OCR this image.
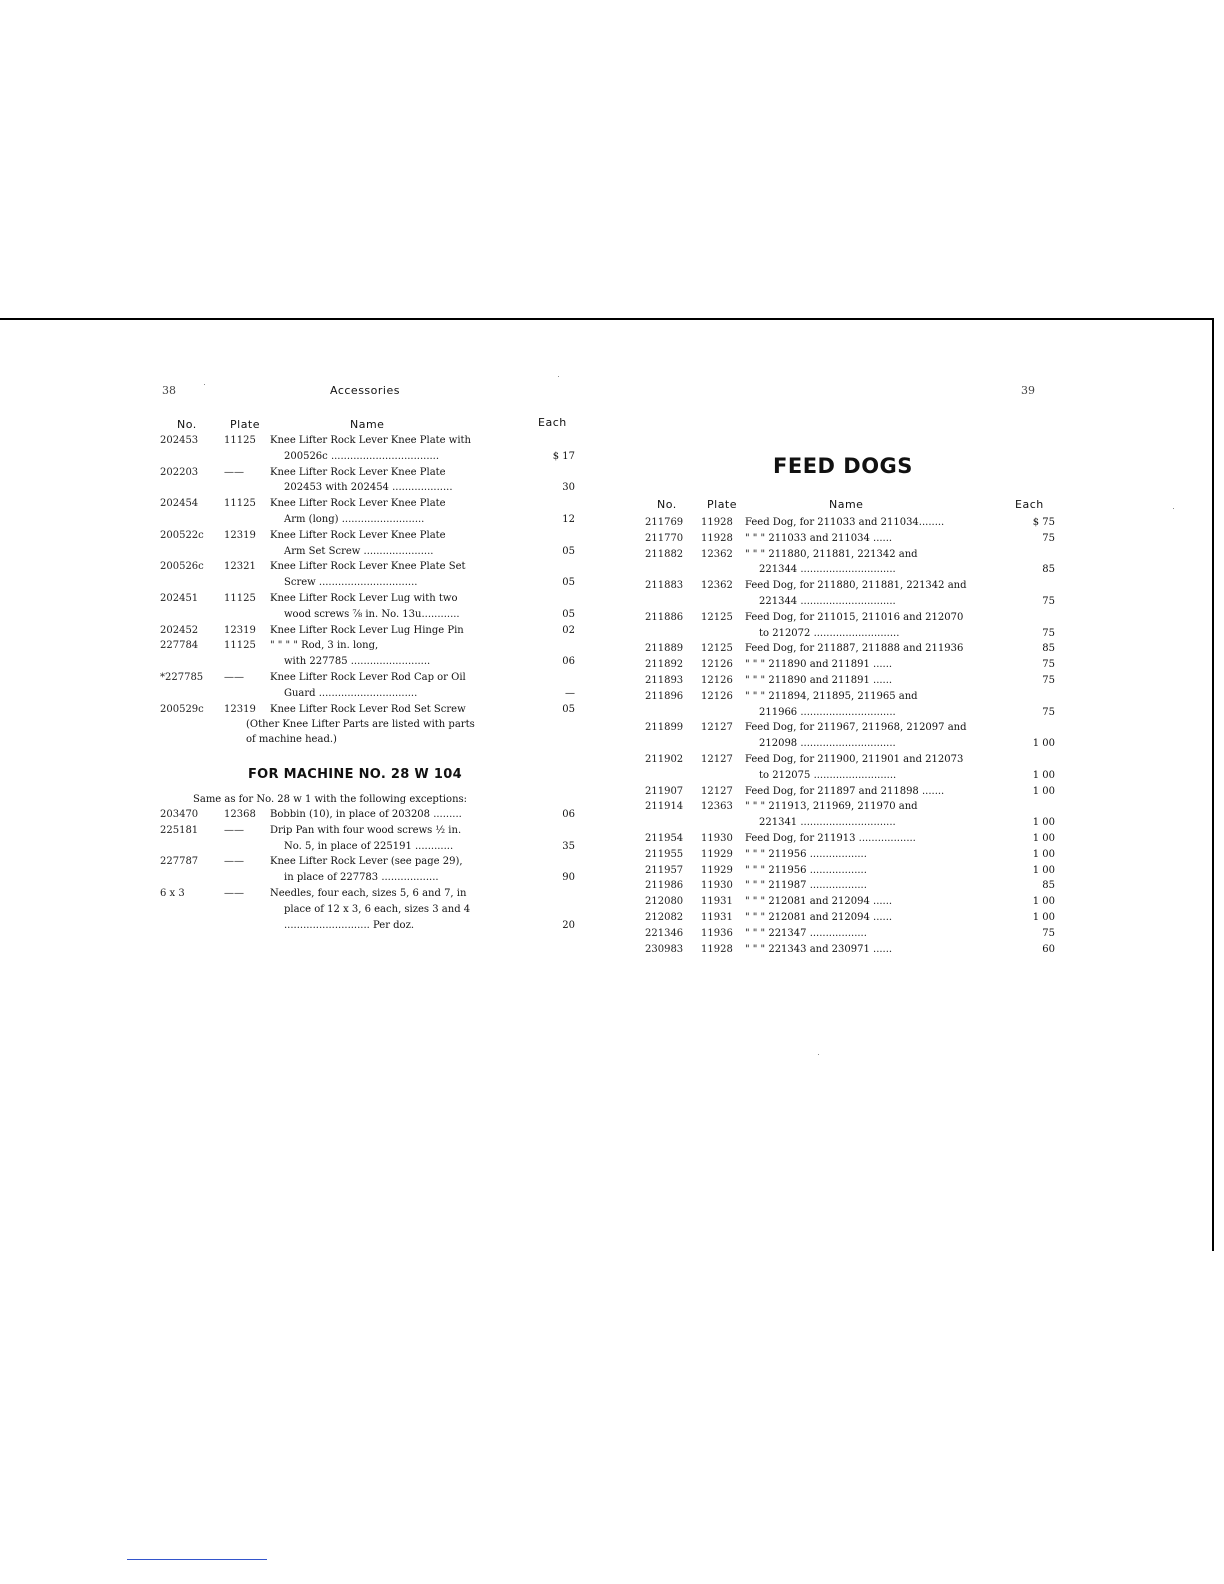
38	Accessories
No.	Plate	Name	Each
202453	11125	Knee Lifter Rock Lever Knee Plate with
200526c ..................................	$ 17
202203	——	Knee Lifter Rock Lever Knee Plate
202453 with 202454 ...................	30
202454	11125	Knee Lifter Rock Lever Knee Plate
Arm (long) ..........................	12
200522c	12319	Knee Lifter Rock Lever Knee Plate
Arm Set Screw ......................	05
200526c	12321	Knee Lifter Rock Lever Knee Plate Set
Screw ...............................	05
202451	11125	Knee Lifter Rock Lever Lug with two
wood screws ⅞ in. No. 13u............	05
202452	12319	Knee Lifter Rock Lever Lug Hinge Pin	02
227784	11125	" " " " Rod, 3 in. long,
with 227785 .........................	06
*227785	——	Knee Lifter Rock Lever Rod Cap or Oil
Guard ...............................	—
200529c	12319	Knee Lifter Rock Lever Rod Set Screw	05
(Other Knee Lifter Parts are listed with parts
of machine head.)
FOR MACHINE NO. 28 W 104
Same as for No. 28 w 1 with the following exceptions:
203470	12368	Bobbin (10), in place of 203208 .........	06
225181	——	Drip Pan with four wood screws ½ in.
No. 5, in place of 225191 ............	35
227787	——	Knee Lifter Rock Lever (see page 29),
in place of 227783 ..................	90
6 x 3	——	Needles, four each, sizes 5, 6 and 7, in
place of 12 x 3, 6 each, sizes 3 and 4
........................... Per doz.	20
39
FEED DOGS
No.	Plate	Name	Each
211769	11928	Feed Dog, for 211033 and 211034........	$ 75
211770	11928	" " " 211033 and 211034 ......	75
211882	12362	" " " 211880, 211881, 221342 and
221344 ..............................	85
211883	12362	Feed Dog, for 211880, 211881, 221342 and
221344 ..............................	75
211886	12125	Feed Dog, for 211015, 211016 and 212070
to 212072 ...........................	75
211889	12125	Feed Dog, for 211887, 211888 and 211936	85
211892	12126	" " " 211890 and 211891 ......	75
211893	12126	" " " 211890 and 211891 ......	75
211896	12126	" " " 211894, 211895, 211965 and
211966 ..............................	75
211899	12127	Feed Dog, for 211967, 211968, 212097 and
212098 ..............................	1 00
211902	12127	Feed Dog, for 211900, 211901 and 212073
to 212075 ..........................	1 00
211907	12127	Feed Dog, for 211897 and 211898 .......	1 00
211914	12363	" " " 211913, 211969, 211970 and
221341 ..............................	1 00
211954	11930	Feed Dog, for 211913 ..................	1 00
211955	11929	" " " 211956 ..................	1 00
211957	11929	" " " 211956 ..................	1 00
211986	11930	" " " 211987 ..................	85
212080	11931	" " " 212081 and 212094 ......	1 00
212082	11931	" " " 212081 and 212094 ......	1 00
221346	11936	" " " 221347 ..................	75
230983	11928	" " " 221343 and 230971 ......	60
